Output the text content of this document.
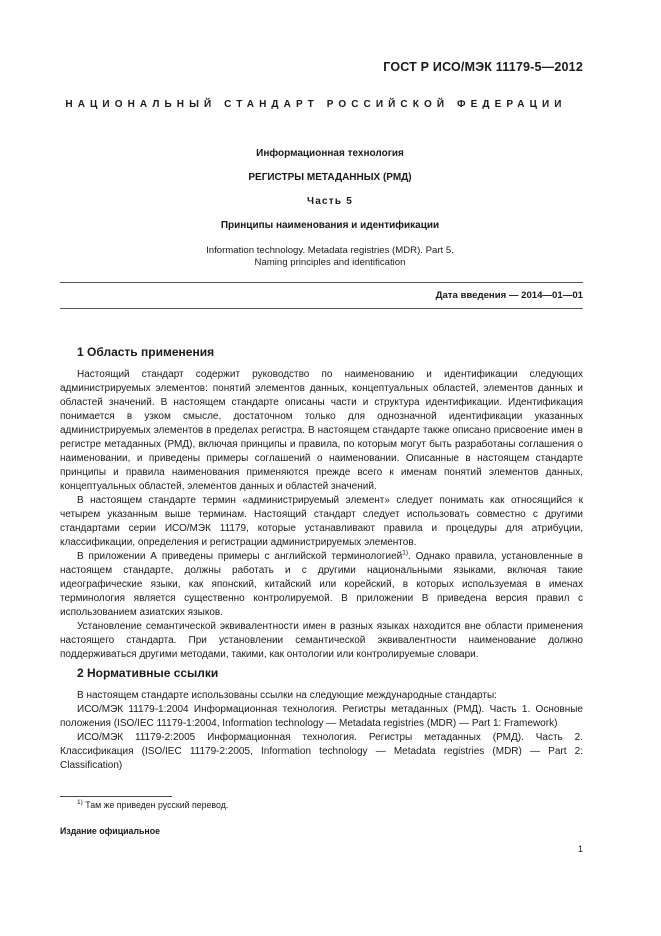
ГОСТ Р ИСО/МЭК 11179-5—2012
НАЦИОНАЛЬНЫЙ СТАНДАРТ РОССИЙСКОЙ ФЕДЕРАЦИИ
Информационная технология
РЕГИСТРЫ МЕТАДАННЫХ (РМД)
Часть 5
Принципы наименования и идентификации
Information technology. Metadata registries (MDR). Part 5.
Naming principles and identification
Дата введения — 2014—01—01
1 Область применения

Настоящий стандарт содержит руководство по наименованию и идентификации следующих администрируемых элементов: понятий элементов данных, концептуальных областей, элементов данных и областей значений. В настоящем стандарте описаны части и структура идентификации. Идентификация понимается в узком смысле, достаточном только для однозначной идентификации указанных администрируемых элементов в пределах регистра. В настоящем стандарте также описано присвоение имен в регистре метаданных (РМД), включая принципы и правила, по которым могут быть разработаны соглашения о наименовании, и приведены примеры соглашений о наименовании. Описанные в настоящем стандарте принципы и правила наименования применяются прежде всего к именам понятий элементов данных, концептуальных областей, элементов данных и областей значений.

В настоящем стандарте термин «администрируемый элемент» следует понимать как относящийся к четырем указанным выше терминам. Настоящий стандарт следует использовать совместно с другими стандартами серии ИСО/МЭК 11179, которые устанавливают правила и процедуры для атрибуции, классификации, определения и регистрации администрируемых элементов.

В приложении А приведены примеры с английской терминологией$^{1)}$. Однако правила, установленные в настоящем стандарте, должны работать и с другими национальными языками, включая такие идеографические языки, как японский, китайский или корейский, в которых используемая в именах терминология является существенно контролируемой. В приложении В приведена версия правил с использованием азиатских языков.

Установление семантической эквивалентности имен в разных языках находится вне области применения настоящего стандарта. При установлении семантической эквивалентности наименование должно поддерживаться другими методами, такими, как онтологии или контролируемые словари.

2 Нормативные ссылки

В настоящем стандарте использованы ссылки на следующие международные стандарты:

ИСО/МЭК 11179-1:2004 Информационная технология. Регистры метаданных (РМД). Часть 1. Основные положения (ISO/IEC 11179-1:2004, Information technology — Metadata registries (MDR) — Part 1: Framework)

ИСО/МЭК 11179-2:2005 Информационная технология. Регистры метаданных (РМД). Часть 2. Классификация (ISO/IEC 11179-2:2005, Information technology — Metadata registries (MDR) — Part 2: Classification)

$^{1)}$ Там же приведен русский перевод.
Издание официальное
1
